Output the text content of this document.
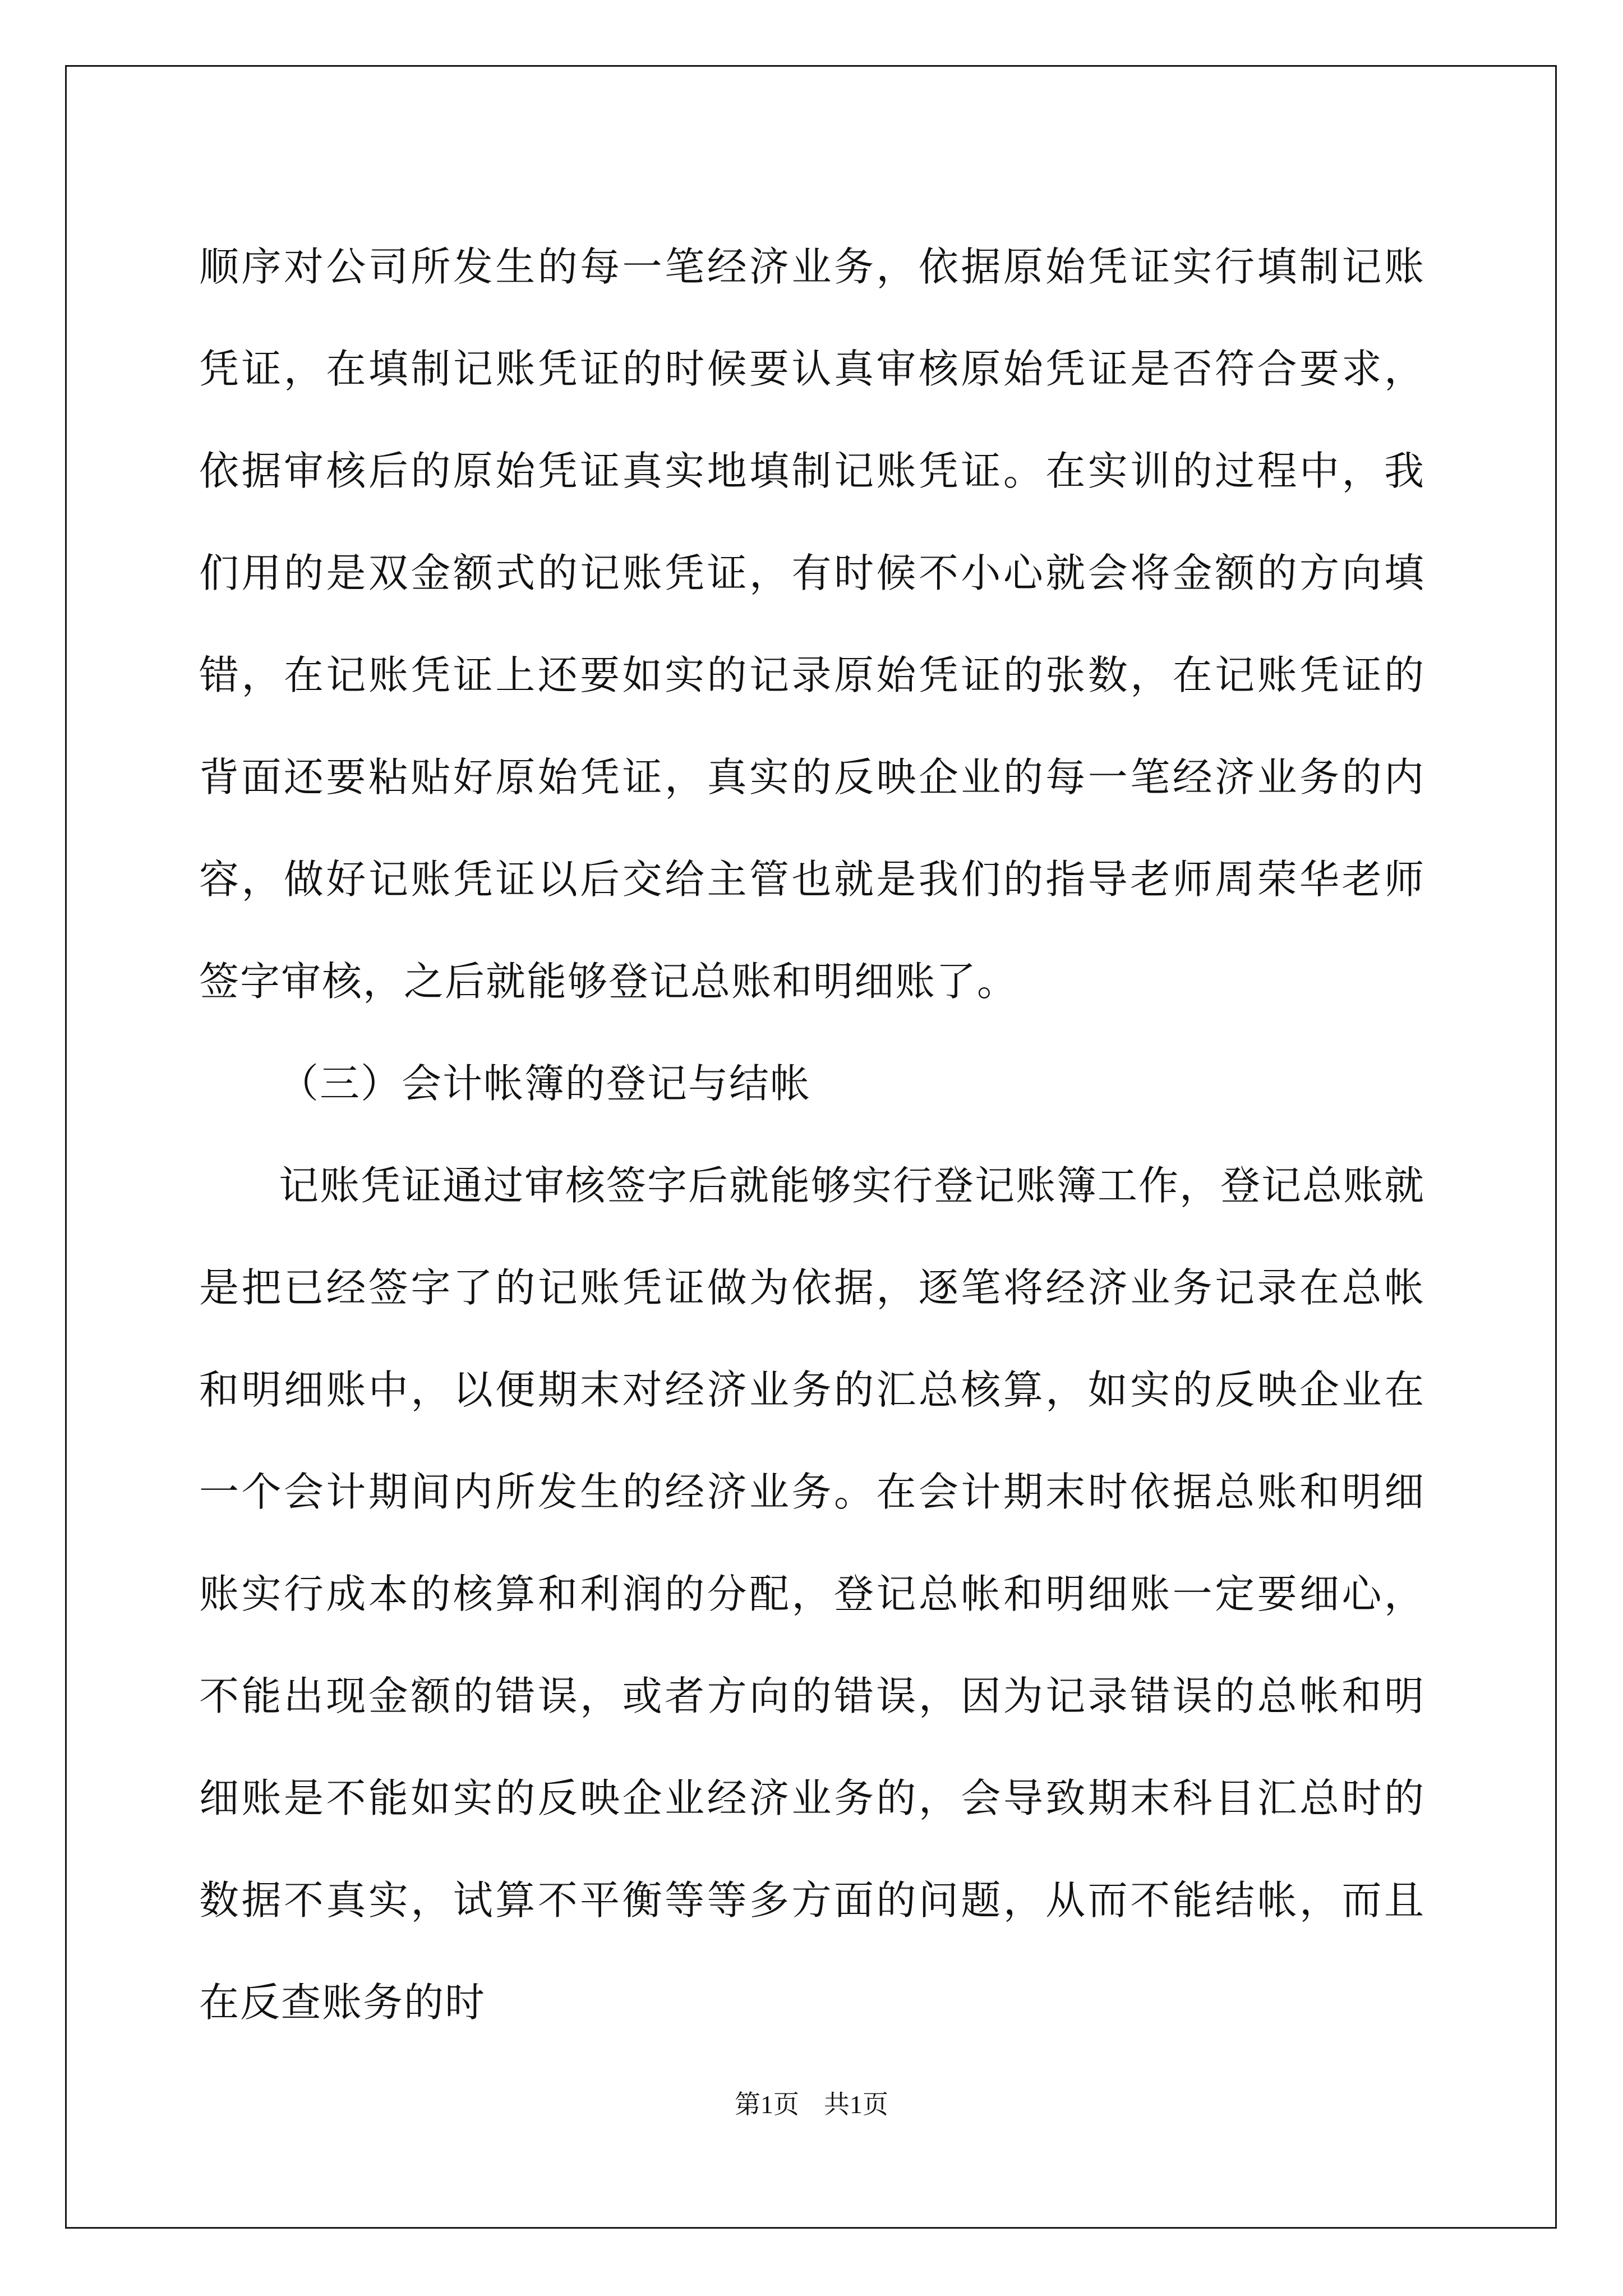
顺序对公司所发生的每一笔经济业务，依据原始凭证实行填制记账凭证，在填制记账凭证的时候要认真审核原始凭证是否符合要求，依据审核后的原始凭证真实地填制记账凭证。在实训的过程中，我们用的是双金额式的记账凭证，有时候不小心就会将金额的方向填错，在记账凭证上还要如实的记录原始凭证的张数，在记账凭证的背面还要粘贴好原始凭证，真实的反映企业的每一笔经济业务的内容，做好记账凭证以后交给主管也就是我们的指导老师周荣华老师签字审核，之后就能够登记总账和明细账了。

（三）会计帐簿的登记与结帐

记账凭证通过审核签字后就能够实行登记账簿工作，登记总账就是把已经签字了的记账凭证做为依据，逐笔将经济业务记录在总帐和明细账中，以便期末对经济业务的汇总核算，如实的反映企业在一个会计期间内所发生的经济业务。在会计期末时依据总账和明细账实行成本的核算和利润的分配，登记总帐和明细账一定要细心，不能出现金额的错误，或者方向的错误，因为记录错误的总帐和明细账是不能如实的反映企业经济业务的，会导致期末科目汇总时的数据不真实，试算不平衡等等多方面的问题，从而不能结帐，而且在反查账务的时

第1页 共1页
